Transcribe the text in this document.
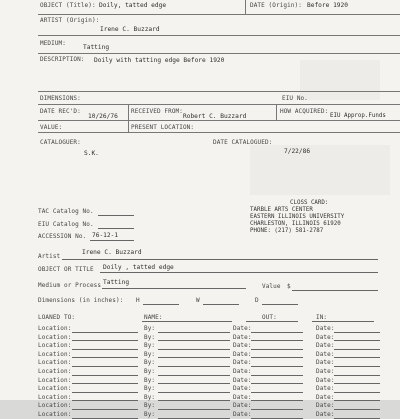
OBJECT (Title): Doily, tatted edge	DATE (Origin): Before 1920
ARTIST (Origin):
Irene C. Buzzard
MEDIUM:
Tatting
DESCRIPTION: Doily with tatting edge Before 1920
DIMENSIONS:	EIU No.
DATE REC'D:
10/26/76
RECEIVED FROM:
Robert C. Buzzard
HOW ACQUIRED:
EIU Approp.Funds
VALUE:	PRESENT LOCATION:
CATALOGUER:
S.K.
DATE CATALOGUED:
7/22/86
TAC Catalog No.
EIU Catalog No.
ACCESSION No. 76-12-1
CLOSS CARD:
TARBLE ARTS CENTER
EASTERN ILLINOIS UNIVERSITY
CHARLESTON, ILLINOIS 61920
PHONE: (217) 581-2787
Artist
Irene C. Buzzard
OBJECT OR TITLE Doily , tatted edge
Medium or Process Tatting
Value $
Dimensions (in inches): H	W	D
LOANED TO:	NAME:	OUT:	IN:
Location:	By:	Date:	Date:
Location:	By:	Date:	Date:
Location:	By:	Date:	Date:
Location:	By:	Date:	Date:
Location:	By:	Date:	Date:
Location:	By:	Date:	Date:
Location:	By:	Date:	Date:
Location:	By:	Date:	Date:
Location:	By:	Date:	Date:
Location:	By:	Date:	Date:
Location:	By:	Date:	Date:
